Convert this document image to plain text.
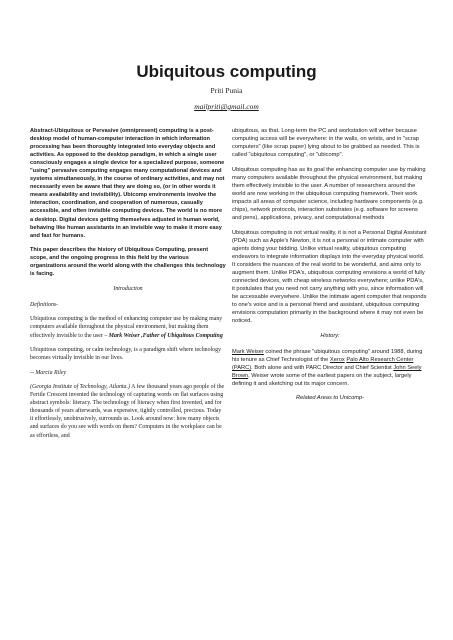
Ubiquitous computing
Priti Punia
mailpriti@gmail.com

Abstract-Ubiquitous or Pervasive (omnipresent) computing is a post-desktop model of human-computer interaction in which information processing has been thoroughly integrated into everyday objects and activities. As opposed to the desktop paradigm, in which a single user consciously engages a single device for a specialized purpose, someone "using" pervasive computing engages many computational devices and systems simultaneously, in the course of ordinary activities, and may not necessarily even be aware that they are doing so, (or in other words it means availability and invisibility). Ubicomp environments involve the interaction, coordination, and cooperation of numerous, casually accessible, and often invisible computing devices. The world is no more a desktop. Digital devices getting themselves adjusted in human world, behaving like human assistants in an invisible way to make it more easy and fast for humans.

This paper describes the history of Ubiquitous Computing, present scope, and the ongoing progress in this field by the various organizations around the world along with the challenges this technology is facing.

Introduction

Definitions-

Ubiquitous computing is the method of enhancing computer use by making many computers available throughout the physical environment, but making them effectively invisible to the user – Mark Weiser ,Father of Ubiquitous Computing

Ubiquitous computing, or calm technology, is a paradigm shift where technology becomes virtually invisible in our lives.

-- Marcia Riley

(Georgia Institute of Technology, Atlanta.) A few thousand years ago people of the Fertile Crescent invented the technology of capturing words on flat surfaces using abstract symbols: literacy. The technology of literacy when first invented, and for thousands of years afterwards, was expensive, tightly controlled, precious. Today it effortlessly, unobtrusively, surrounds us. Look around now: how many objects and surfaces do you see with words on them? Computers in the workplace can be as effortless, and

ubiquitous, as that. Long-term the PC and workstation will wither because computing access will be everywhere: in the walls, on wrists, and in "scrap computers" (like scrap paper) lying about to be grabbed as needed. This is called "ubiquitous computing", or "ubicomp".

Ubiquitous computing has as its goal the enhancing computer use by making many computers available throughout the physical environment, but making them effectively invisible to the user. A number of researchers around the world are now working in the ubiquitous computing framework. Their work impacts all areas of computer science, including hardware components (e.g. chips), network protocols, interaction substrates (e.g. software for screens and pens), applications, privacy, and computational methods

Ubiquitous computing is not virtual reality, it is not a Personal Digital Assistant (PDA) such as Apple's Newton, it is not a personal or intimate computer with agents doing your bidding. Unlike virtual reality, ubiquitous computing endeavors to integrate information displays into the everyday physical world. It considers the nuances of the real world to be wonderful, and aims only to augment them. Unlike PDA's, ubiquitous computing envisions a world of fully connected devices, with cheap wireless networks everywhere; unlike PDA's, it postulates that you need not carry anything with you, since information will be accessable everywhere. Unlike the intimate agent computer that responds to one's voice and is a personal friend and assistant, ubiquitous computing envisions computation primarily in the background where it may not even be noticed.

History:

Mark Weiser coined the phrase "ubiquitous computing" around 1988, during his tenure as Chief Technologist of the Xerox Palo Alto Research Center (PARC). Both alone and with PARC Director and Chief Scientist John Seely Brown, Weiser wrote some of the earliest papers on the subject, largely defining it and sketching out its major concern.

Related Areas to Unicomp-
